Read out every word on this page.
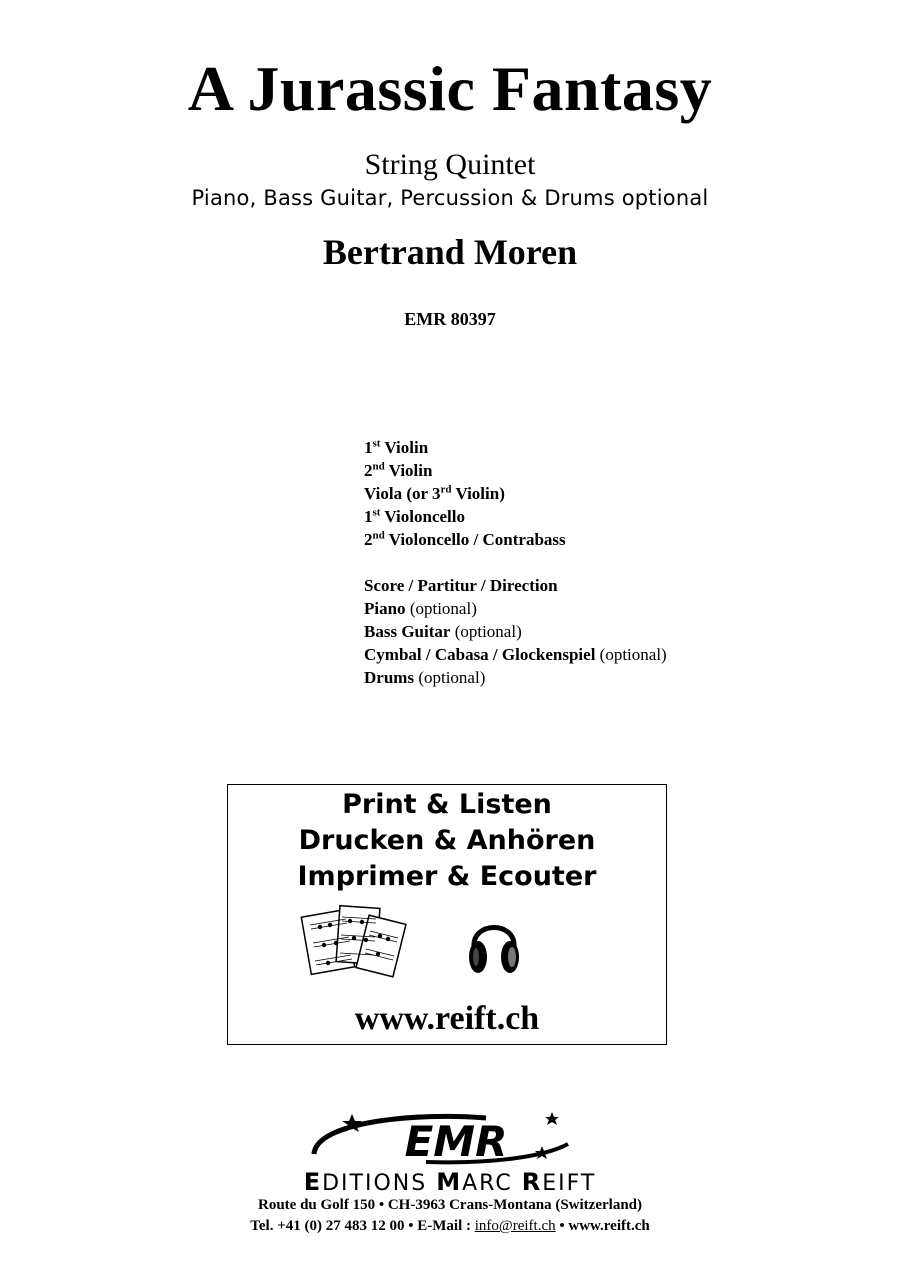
A Jurassic Fantasy
String Quintet
Piano, Bass Guitar, Percussion & Drums optional
Bertrand Moren
EMR 80397
1st Violin
2nd Violin
Viola (or 3rd Violin)
1st Violoncello
2nd Violoncello / Contrabass
Score / Partitur / Direction
Piano (optional)
Bass Guitar (optional)
Cymbal / Cabasa / Glockenspiel (optional)
Drums (optional)
Print & Listen
Drucken & Anhören
Imprimer & Ecouter
www.reift.ch
EMR
EDITIONS MARC REIFT
Route du Golf 150 • CH-3963 Crans-Montana (Switzerland)
Tel. +41 (0) 27 483 12 00 • E-Mail : info@reift.ch • www.reift.ch
